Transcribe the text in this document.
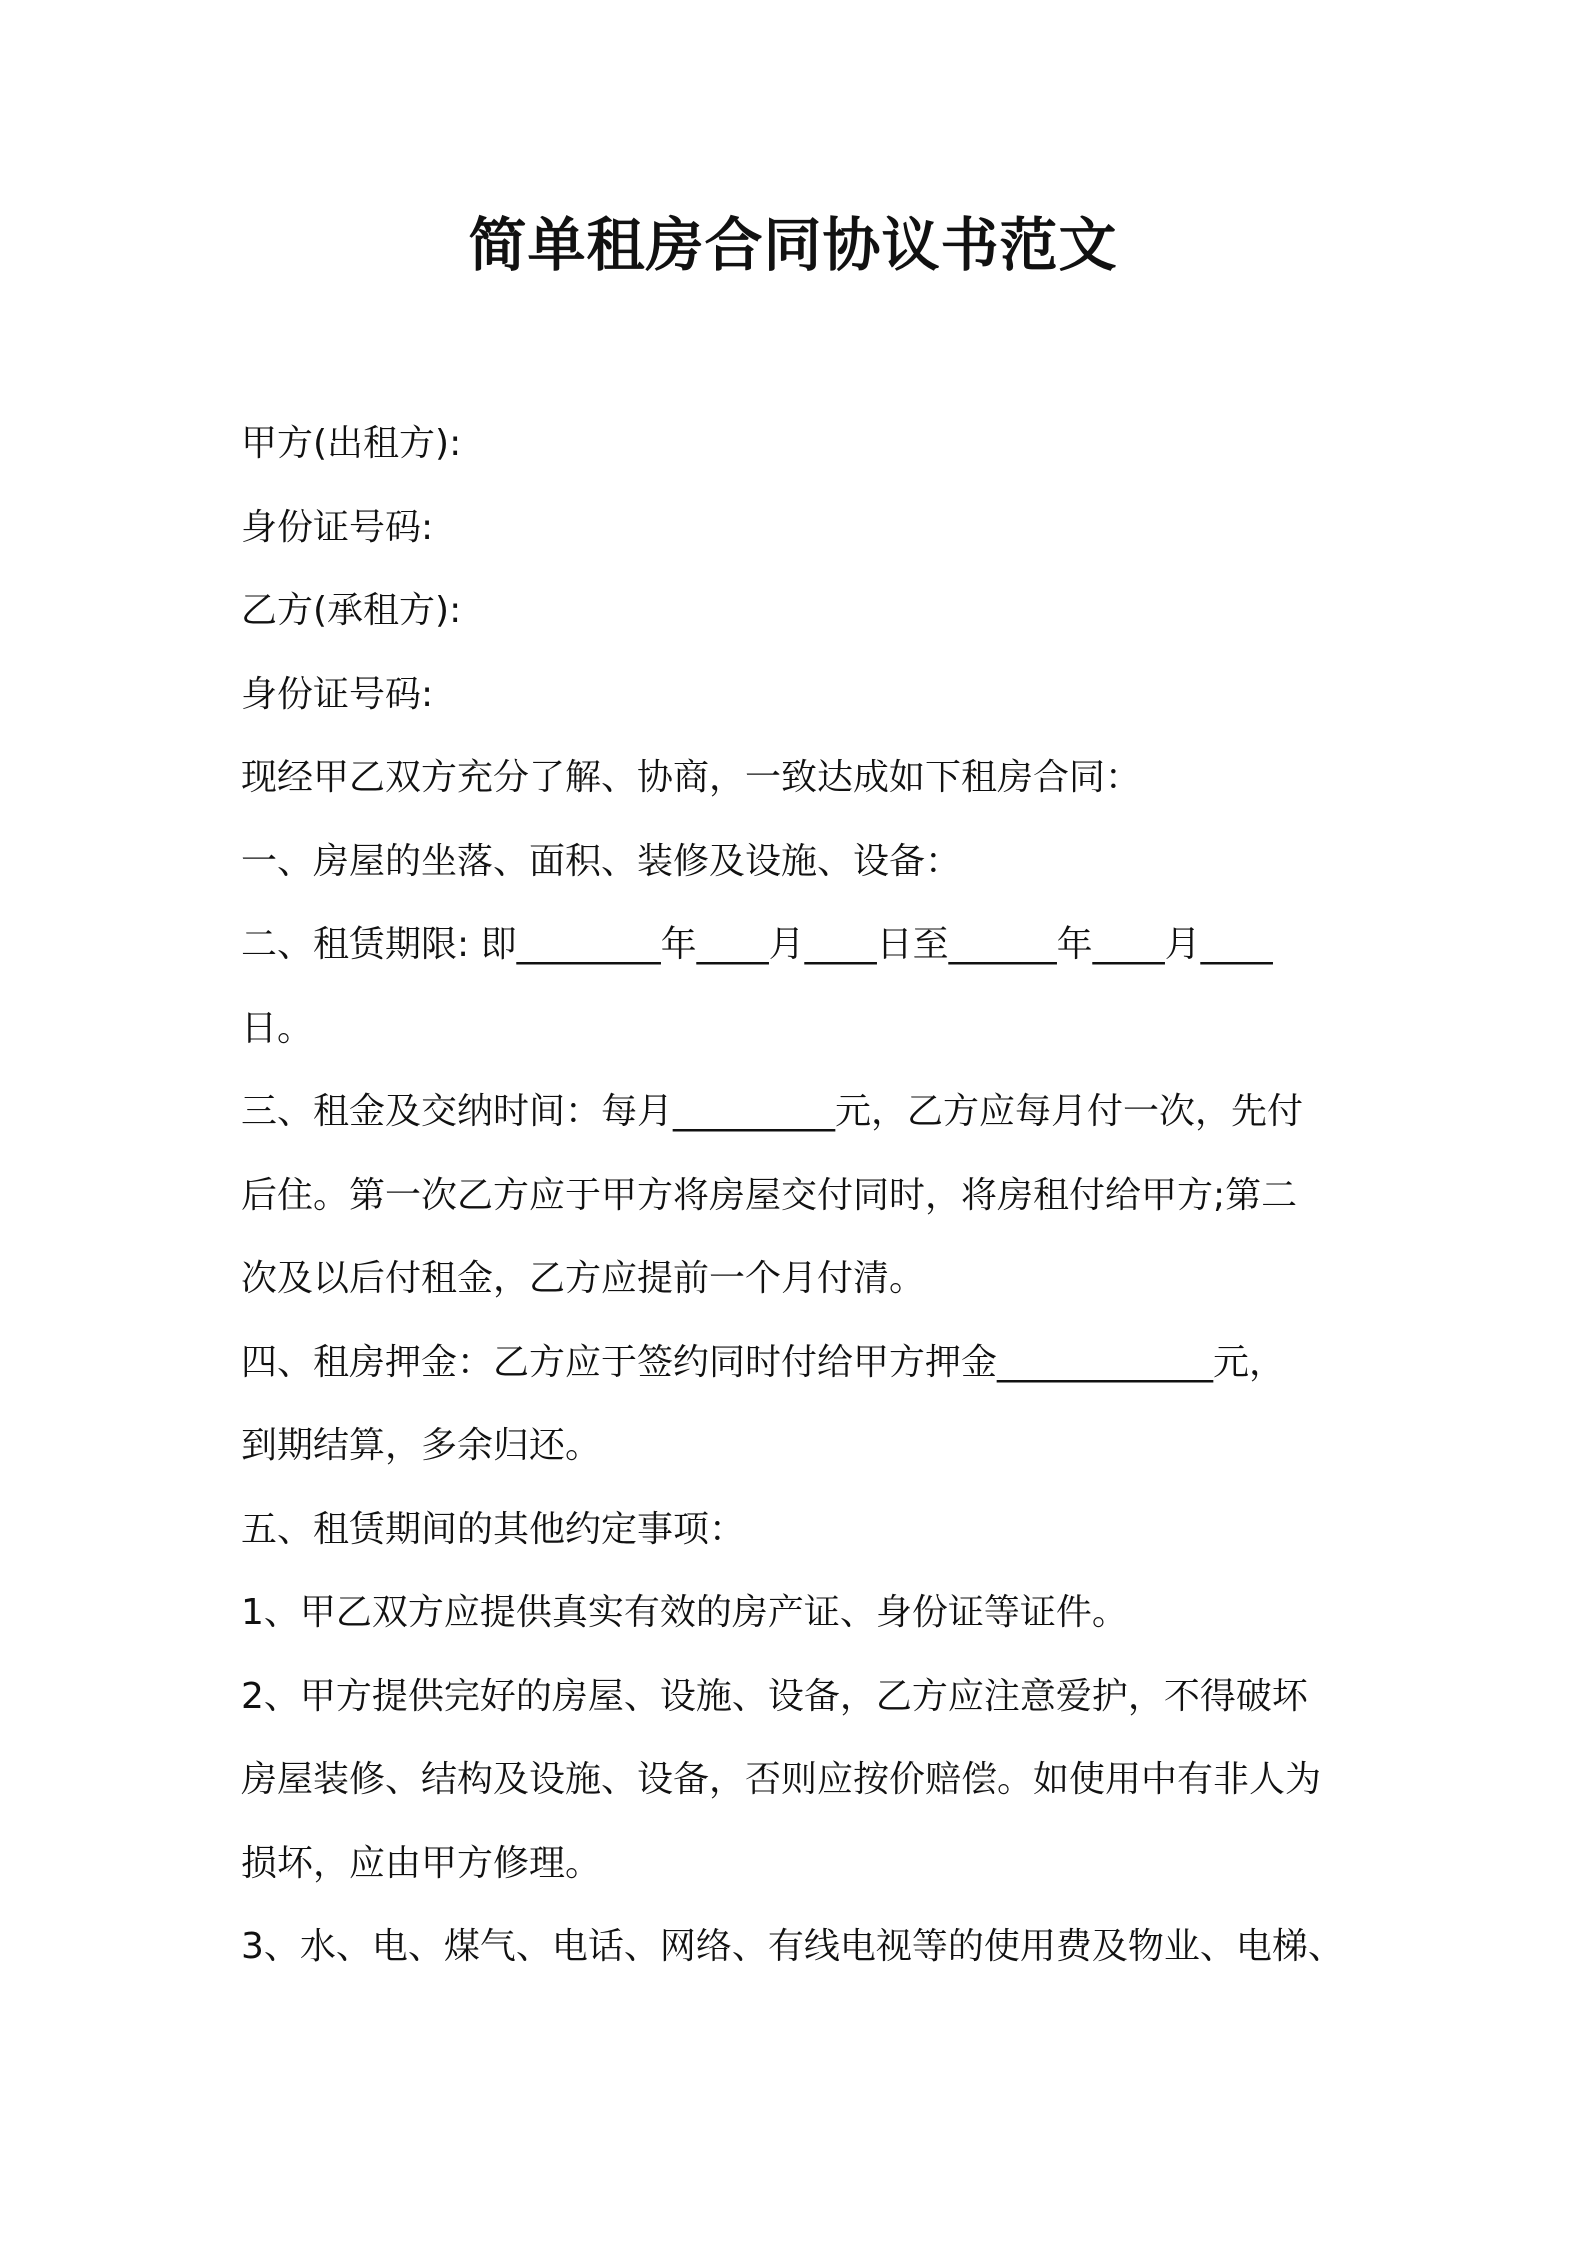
简单租房合同协议书范文
甲方(出租方):
身份证号码:
乙方(承租方):
身份证号码:
现经甲乙双方充分了解、协商，一致达成如下租房合同：
一、房屋的坐落、面积、装修及设施、设备：
二、租赁期限: 即________年____月____日至______年____月____
日。
三、租金及交纳时间：每月_________元，乙方应每月付一次，先付
后住。第一次乙方应于甲方将房屋交付同时，将房租付给甲方;第二
次及以后付租金，乙方应提前一个月付清。
四、租房押金：乙方应于签约同时付给甲方押金____________元，
到期结算，多余归还。
五、租赁期间的其他约定事项：
1、甲乙双方应提供真实有效的房产证、身份证等证件。
2、甲方提供完好的房屋、设施、设备，乙方应注意爱护，不得破坏
房屋装修、结构及设施、设备，否则应按价赔偿。如使用中有非人为
损坏，应由甲方修理。
3、水、电、煤气、电话、网络、有线电视等的使用费及物业、电梯、
